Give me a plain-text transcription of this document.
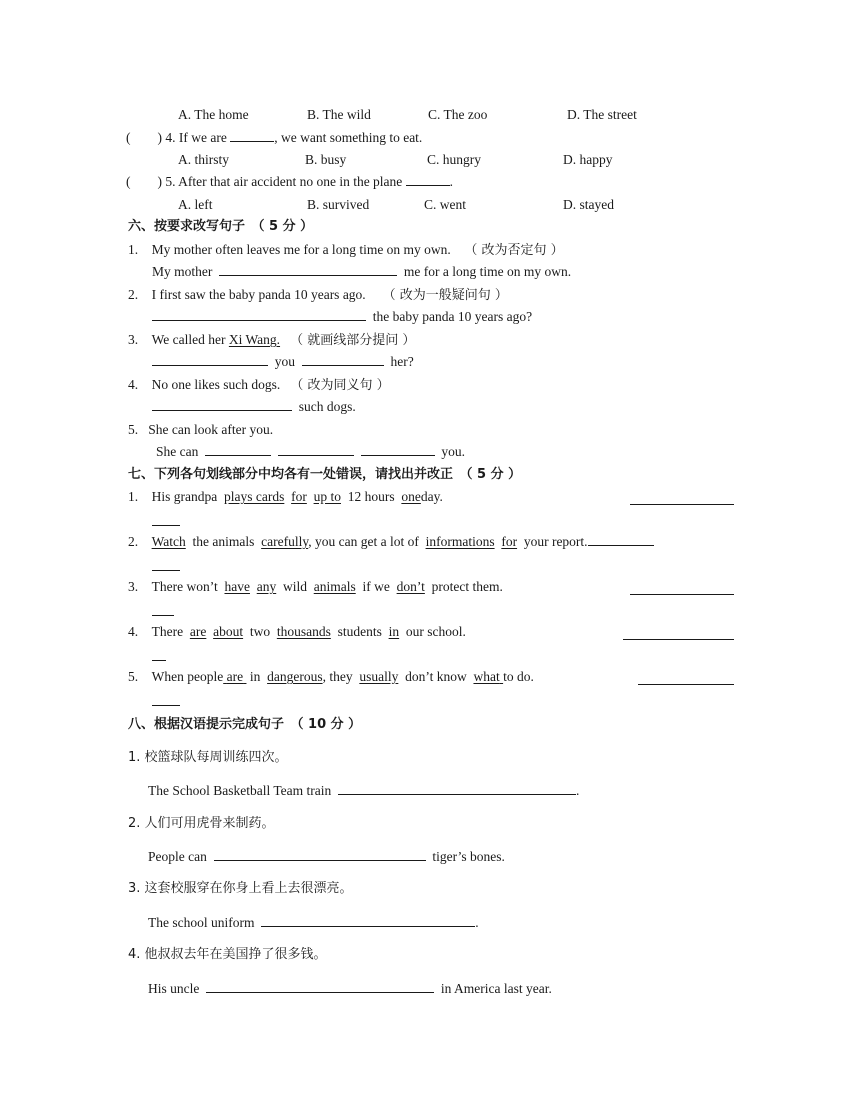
A. The home	B. The wild	C. The zoo	D. The street
(　　) 4. If we are	, we want something to eat.
A. thirsty	B. busy	C. hungry	D. happy
(　　) 5. After that air accident no one in the plane	.
A. left	B. survived	C. went	D. stayed
六、按要求改写句子　（ 5 分 ）
1. My mother often leaves me for a long time on my own. （ 改为否定句 ）
My mother	me for a long time on my own.
2. I first saw the baby panda 10 years ago. （ 改为一般疑问句 ）
the baby panda 10 years ago?
3. We called her Xi Wang. （ 就画线部分提问 ）
you	her?
4. No one likes such dogs. （ 改为同义句 ）
such dogs.
5. She can look after you.
She can	you.
七、下列各句划线部分中均各有一处错误，请找出并改正　（ 5 分 ）
1. His grandpa plays cards for up to 12 hours oneday.
2. Watch the animals carefully, you can get a lot of informations for your report.
3. There won’t have any wild animals if we don’t protect them.
4. There are about two thousands students in our school.
5. When people are in dangerous, they usually don’t know what to do.
八、根据汉语提示完成句子　（ 10 分 ）
1. 校篮球队每周训练四次。
The School Basketball Team train	.
2. 人们可用虎骨来制药。
People can	tiger’s bones.
3. 这套校服穿在你身上看上去很漂亮。
The school uniform	.
4. 他叔叔去年在美国挣了很多钱。
His uncle	in America last year.
